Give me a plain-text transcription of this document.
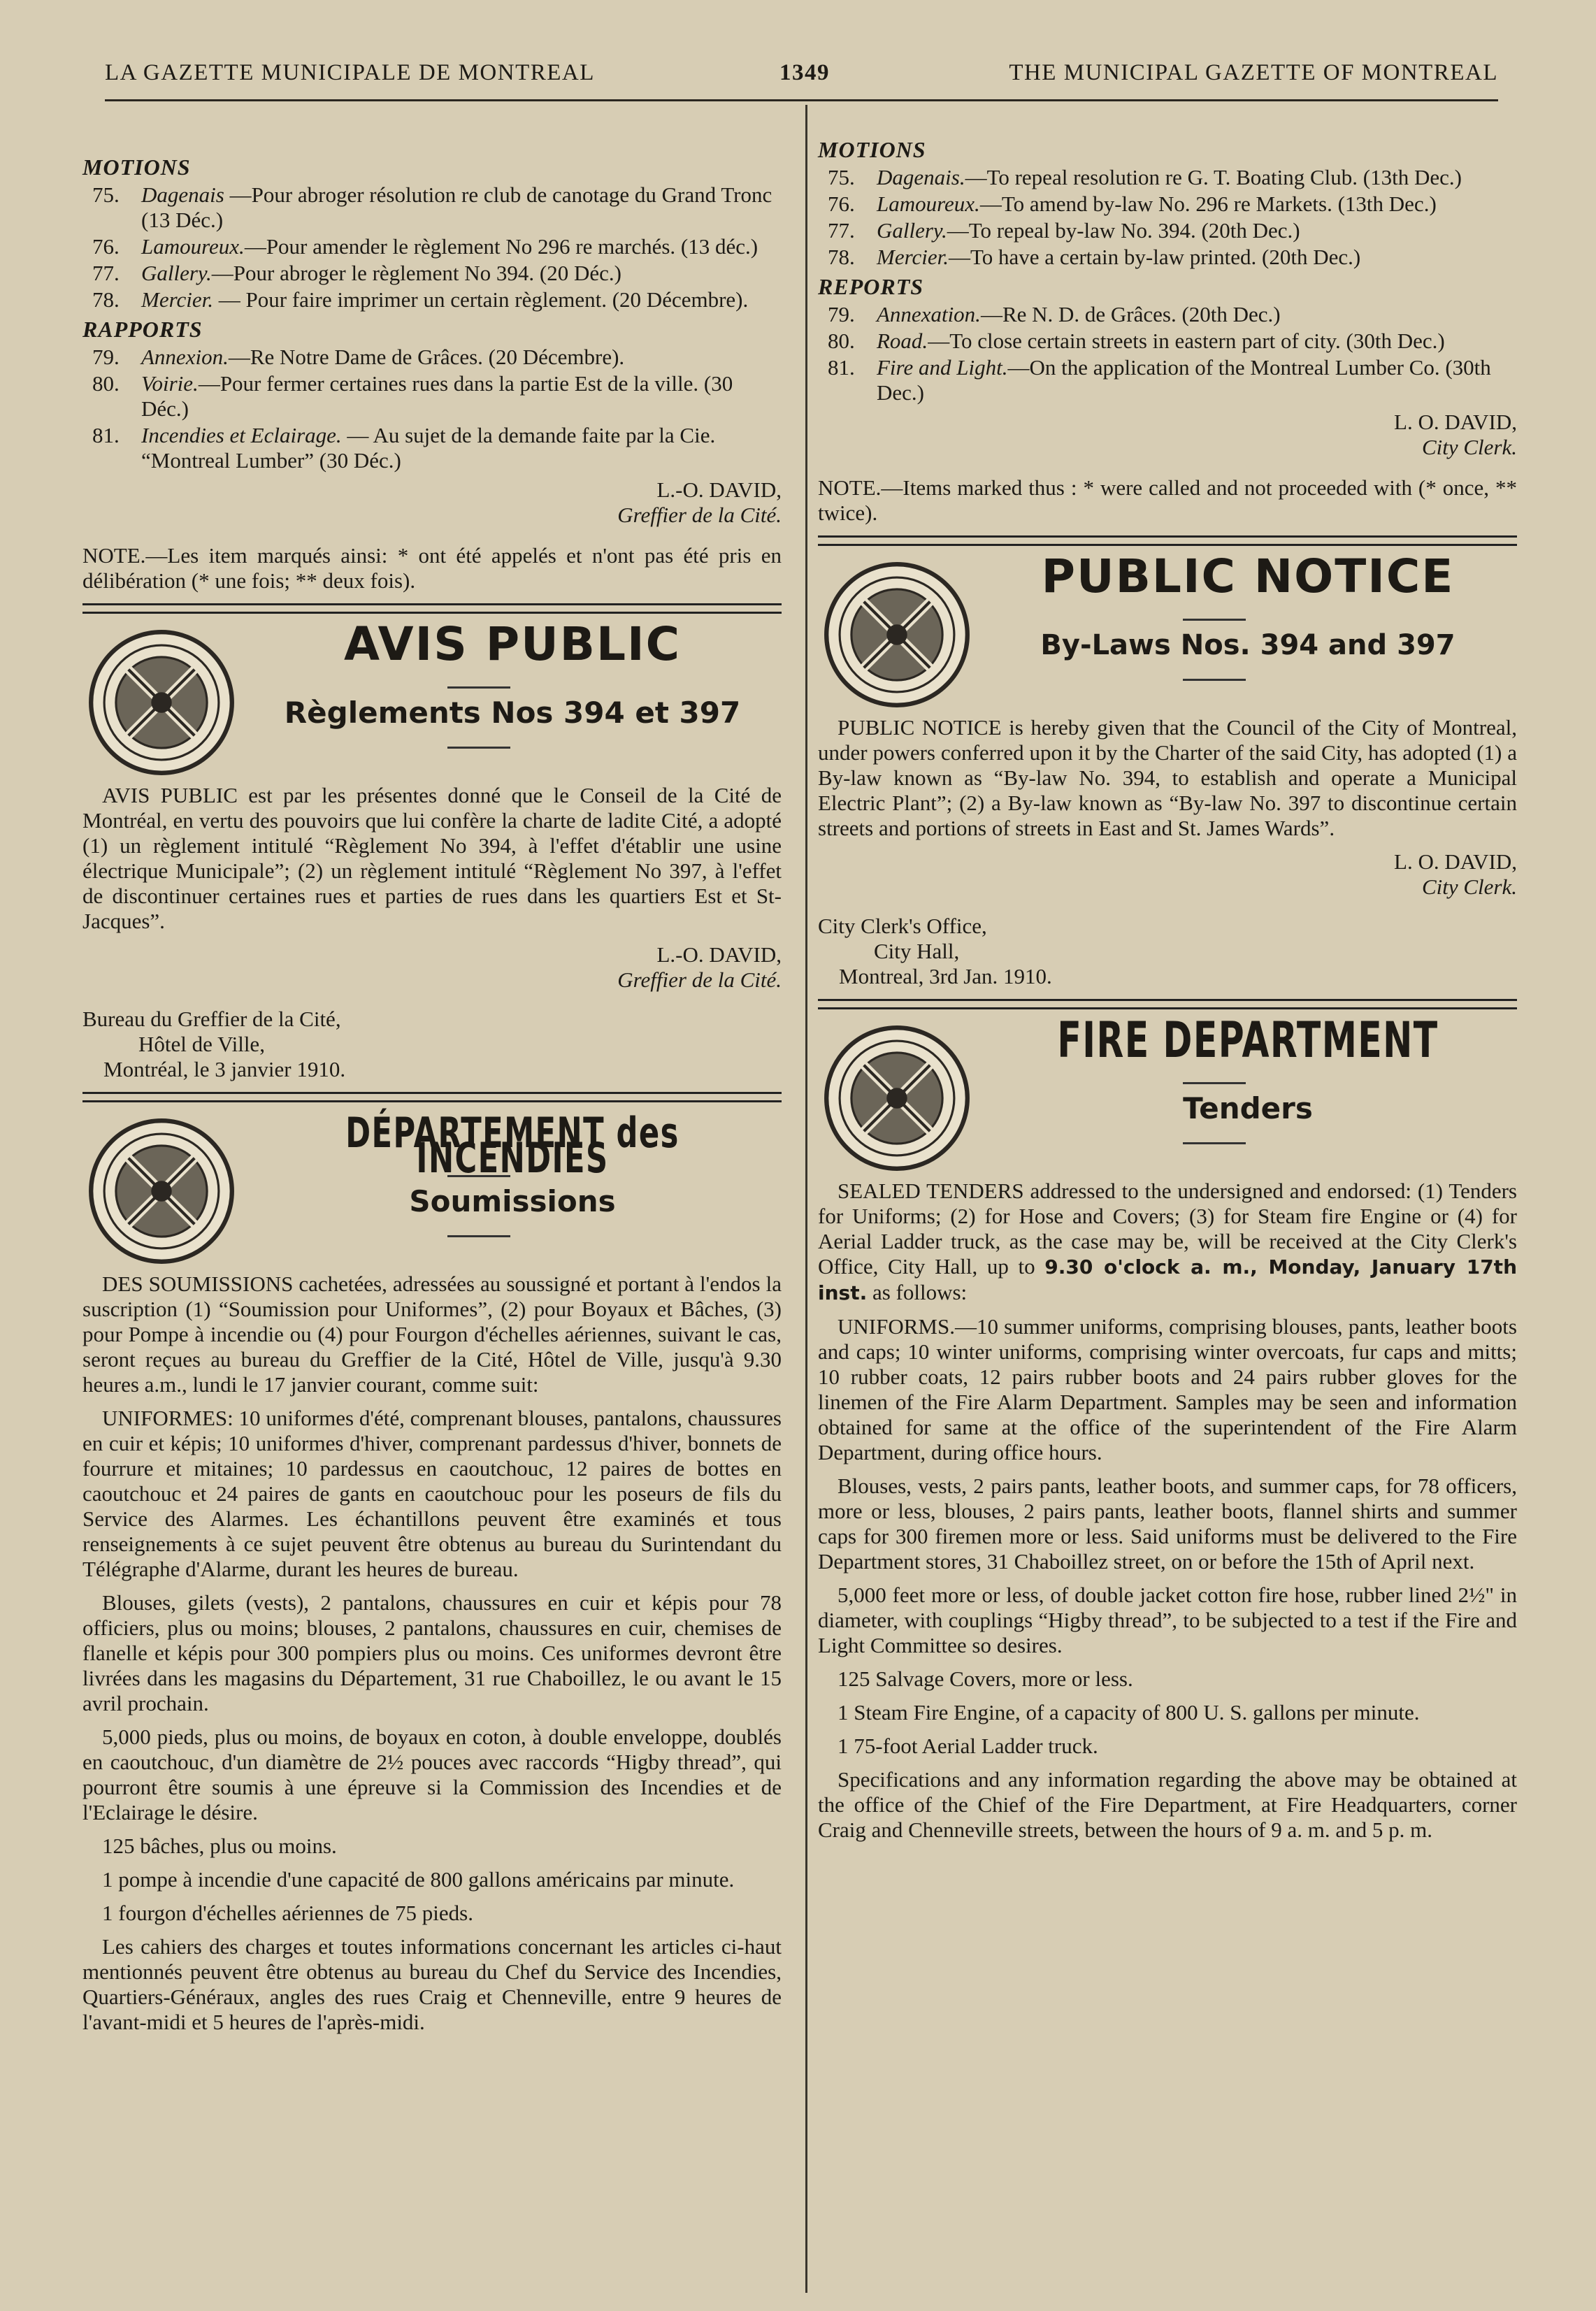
LA GAZETTE MUNICIPALE DE MONTREAL	1349	THE MUNICIPAL GAZETTE OF MONTREAL
MOTIONS
75.	Dagenais —Pour abroger résolution re club de canotage du Grand Tronc (13 Déc.)
76.	Lamoureux.—Pour amender le règlement No 296 re marchés. (13 déc.)
77.	Gallery.—Pour abroger le règlement No 394. (20 Déc.)
78.	Mercier. — Pour faire imprimer un certain règlement. (20 Décembre).
RAPPORTS
79.	Annexion.—Re Notre Dame de Grâces. (20 Décembre).
80.	Voirie.—Pour fermer certaines rues dans la partie Est de la ville. (30 Déc.)
81.	Incendies et Eclairage. — Au sujet de la demande faite par la Cie. “Montreal Lumber” (30 Déc.)
L.-O. DAVID,
Greffier de la Cité.
NOTE.—Les item marqués ainsi: * ont été appelés et n'ont pas été pris en délibération (* une fois; ** deux fois).
AVIS PUBLIC
Règlements Nos 394 et 397

AVIS PUBLIC est par les présentes donné que le Conseil de la Cité de Montréal, en vertu des pouvoirs que lui confère la charte de ladite Cité, a adopté (1) un règlement intitulé “Règlement No 394, à l'effet d'établir une usine électrique Municipale”; (2) un règlement intitulé “Règlement No 397, à l'effet de discontinuer certaines rues et parties de rues dans les quartiers Est et St-Jacques”.

L.-O. DAVID,
Greffier de la Cité.
Bureau du Greffier de la Cité,
Hôtel de Ville,
Montréal, le 3 janvier 1910.
DÉPARTEMENT des INCENDIES
Soumissions

DES SOUMISSIONS cachetées, adressées au soussigné et portant à l'endos la suscription (1) “Soumission pour Uniformes”, (2) pour Boyaux et Bâches, (3) pour Pompe à incendie ou (4) pour Fourgon d'échelles aériennes, suivant le cas, seront reçues au bureau du Greffier de la Cité, Hôtel de Ville, jusqu'à 9.30 heures a.m., lundi le 17 janvier courant, comme suit:

UNIFORMES: 10 uniformes d'été, comprenant blouses, pantalons, chaussures en cuir et képis; 10 uniformes d'hiver, comprenant pardessus d'hiver, bonnets de fourrure et mitaines; 10 pardessus en caoutchouc, 12 paires de bottes en caoutchouc et 24 paires de gants en caoutchouc pour les poseurs de fils du Service des Alarmes. Les échantillons peuvent être examinés et tous renseignements à ce sujet peuvent être obtenus au bureau du Surintendant du Télégraphe d'Alarme, durant les heures de bureau.

Blouses, gilets (vests), 2 pantalons, chaussures en cuir et képis pour 78 officiers, plus ou moins; blouses, 2 pantalons, chaussures en cuir, chemises de flanelle et képis pour 300 pompiers plus ou moins. Ces uniformes devront être livrées dans les magasins du Département, 31 rue Chaboillez, le ou avant le 15 avril prochain.

5,000 pieds, plus ou moins, de boyaux en coton, à double enveloppe, doublés en caoutchouc, d'un diamètre de 2½ pouces avec raccords “Higby thread”, qui pourront être soumis à une épreuve si la Commission des Incendies et de l'Eclairage le désire.

125 bâches, plus ou moins.

1 pompe à incendie d'une capacité de 800 gallons américains par minute.

1 fourgon d'échelles aériennes de 75 pieds.

Les cahiers des charges et toutes informations concernant les articles ci-haut mentionnés peuvent être obtenus au bureau du Chef du Service des Incendies, Quartiers-Généraux, angles des rues Craig et Chenneville, entre 9 heures de l'avant-midi et 5 heures de l'après-midi.

MOTIONS
75.	Dagenais.—To repeal resolution re G. T. Boating Club. (13th Dec.)
76.	Lamoureux.—To amend by-law No. 296 re Markets. (13th Dec.)
77.	Gallery.—To repeal by-law No. 394. (20th Dec.)
78.	Mercier.—To have a certain by-law printed. (20th Dec.)
REPORTS
79.	Annexation.—Re N. D. de Grâces. (20th Dec.)
80.	Road.—To close certain streets in eastern part of city. (30th Dec.)
81.	Fire and Light.—On the application of the Montreal Lumber Co. (30th Dec.)
L. O. DAVID,
City Clerk.
NOTE.—Items marked thus : * were called and not proceeded with (* once, ** twice).
PUBLIC NOTICE
By-Laws Nos. 394 and 397

PUBLIC NOTICE is hereby given that the Council of the City of Montreal, under powers conferred upon it by the Charter of the said City, has adopted (1) a By-law known as “By-law No. 394, to establish and operate a Municipal Electric Plant”; (2) a By-law known as “By-law No. 397 to discontinue certain streets and portions of streets in East and St. James Wards”.

L. O. DAVID,
City Clerk.
City Clerk's Office,
City Hall,
Montreal, 3rd Jan. 1910.
FIRE DEPARTMENT
Tenders

SEALED TENDERS addressed to the undersigned and endorsed: (1) Tenders for Uniforms; (2) for Hose and Covers; (3) for Steam fire Engine or (4) for Aerial Ladder truck, as the case may be, will be received at the City Clerk's Office, City Hall, up to 9.30 o'clock a. m., Monday, January 17th inst. as follows:

UNIFORMS.—10 summer uniforms, comprising blouses, pants, leather boots and caps; 10 winter uniforms, comprising winter overcoats, fur caps and mitts; 10 rubber coats, 12 pairs rubber boots and 24 pairs rubber gloves for the linemen of the Fire Alarm Department. Samples may be seen and information obtained for same at the office of the superintendent of the Fire Alarm Department, during office hours.

Blouses, vests, 2 pairs pants, leather boots, and summer caps, for 78 officers, more or less, blouses, 2 pairs pants, leather boots, flannel shirts and summer caps for 300 firemen more or less. Said uniforms must be delivered to the Fire Department stores, 31 Chaboillez street, on or before the 15th of April next.

5,000 feet more or less, of double jacket cotton fire hose, rubber lined 2½" in diameter, with couplings “Higby thread”, to be subjected to a test if the Fire and Light Committee so desires.

125 Salvage Covers, more or less.

1 Steam Fire Engine, of a capacity of 800 U. S. gallons per minute.

1 75-foot Aerial Ladder truck.

Specifications and any information regarding the above may be obtained at the office of the Chief of the Fire Department, at Fire Headquarters, corner Craig and Chenneville streets, between the hours of 9 a. m. and 5 p. m.
